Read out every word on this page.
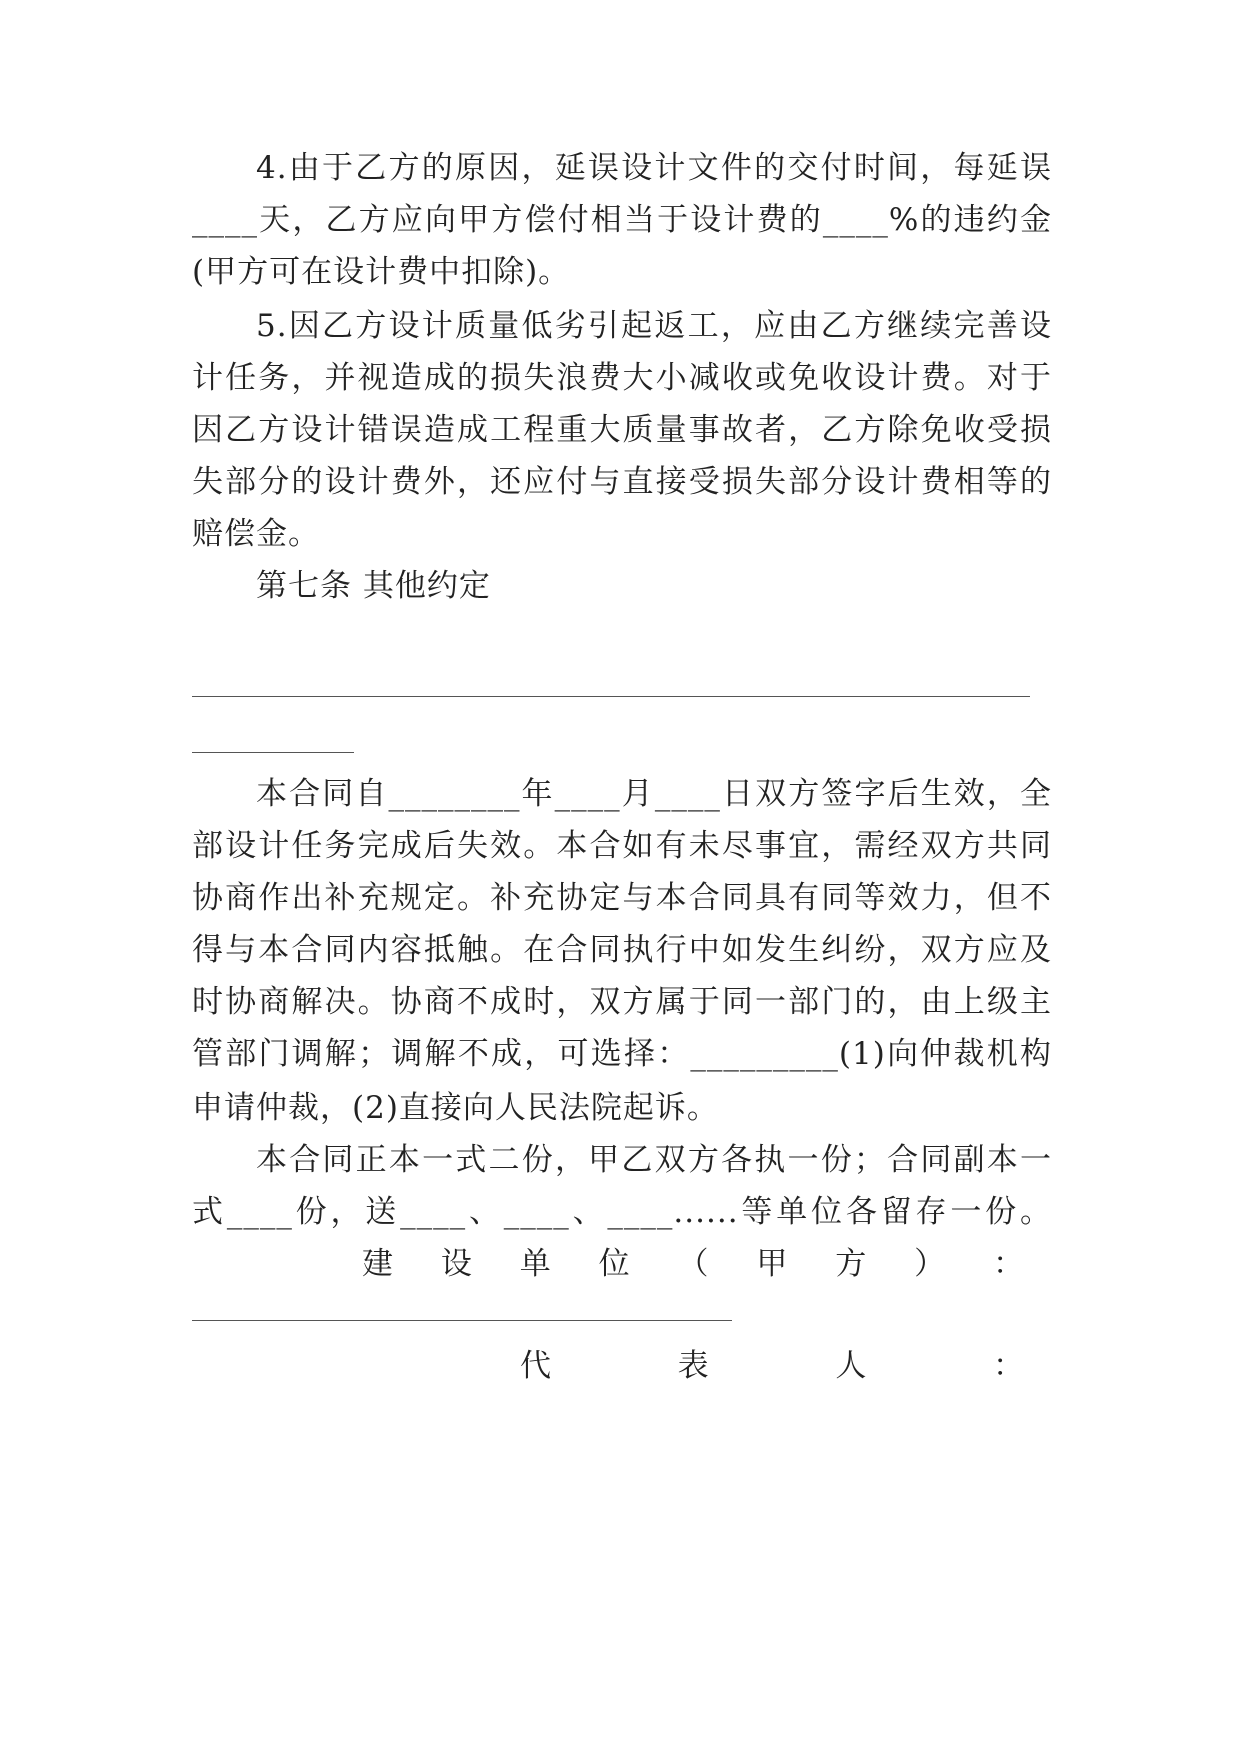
4.由于乙方的原因，延误设计文件的交付时间，每延误
____天，乙方应向甲方偿付相当于设计费的____%的违约金
(甲方可在设计费中扣除)。
5.因乙方设计质量低劣引起返工，应由乙方继续完善设
计任务，并视造成的损失浪费大小减收或免收设计费。对于
因乙方设计错误造成工程重大质量事故者，乙方除免收受损
失部分的设计费外，还应付与直接受损失部分设计费相等的
赔偿金。
第七条 其他约定
本合同自________年____月____日双方签字后生效，全
部设计任务完成后失效。本合如有未尽事宜，需经双方共同
协商作出补充规定。补充协定与本合同具有同等效力，但不
得与本合同内容抵触。在合同执行中如发生纠纷，双方应及
时协商解决。协商不成时，双方属于同一部门的，由上级主
管部门调解；调解不成，可选择：_________(1)向仲裁机构
申请仲裁，(2)直接向人民法院起诉。
本合同正本一式二份，甲乙双方各执一份；合同副本一
式____份，送____、____、____......等单位各留存一份。
建 设 单 位 （ 甲 方 ） ：
代	表	人	：
